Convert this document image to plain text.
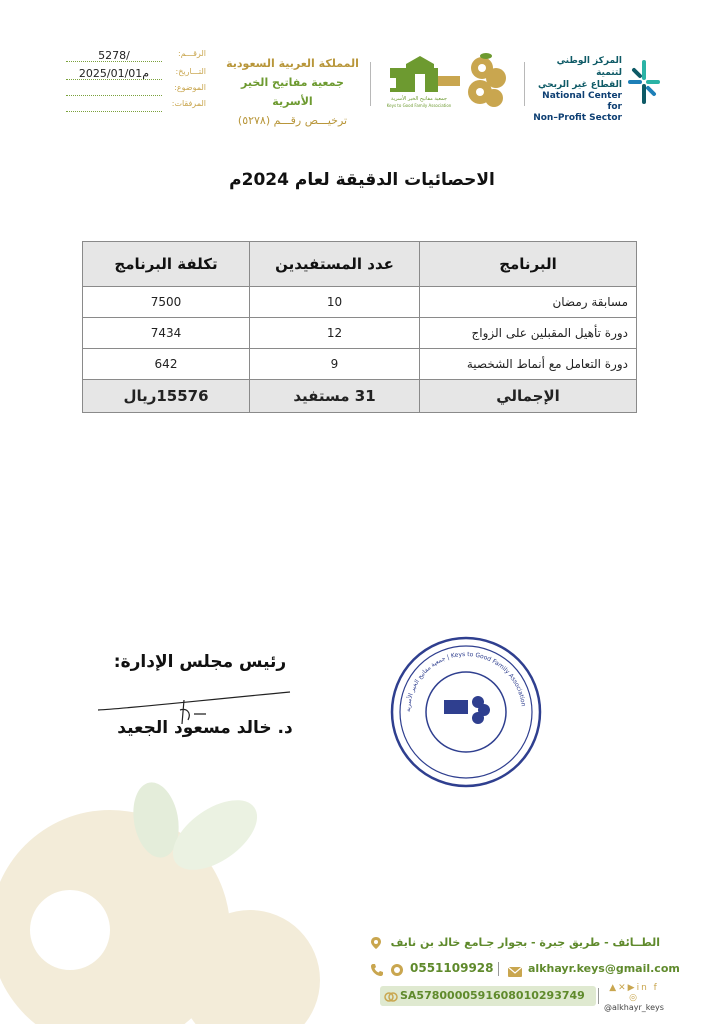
5278/	الرقـــم:
2025/01/01م	التـــاريخ:
الموضوع:
المرفقات:
المملكة العربية السعودية
جمعية مفاتيح الخير الأسرية
ترخيـــص رقـــم (٥٢٧٨)
جمعية مفاتيح الخير الأسرية
Keys to Good Family Association
المركز الوطني لتنمية
القطاع غير الربحي
National Center for
Non–Profit Sector
الاحصائيات الدقيقة لعام 2024م
البرنامج	عدد المستفيدين	تكلفة البرنامج
مسابقة رمضان	10	7500
دورة تأهيل المقبلين على الزواج	12	7434
دورة التعامل مع أنماط الشخصية	9	642
الإجمالي	31 مستفيد	15576ريال
رئيس مجلس الإدارة:
د. خالد مسعود الجعيد
جمعية مفاتيح الخير الأسرية | Keys to Good Family Association
الطــائف - طريق جبرة - بجوار جـامع خالد بن نايف
0551109928	alkhayr.keys@gmail.com
SA5780000591608010293749
▲✕▶in f ◎
@alkhayr_keys
